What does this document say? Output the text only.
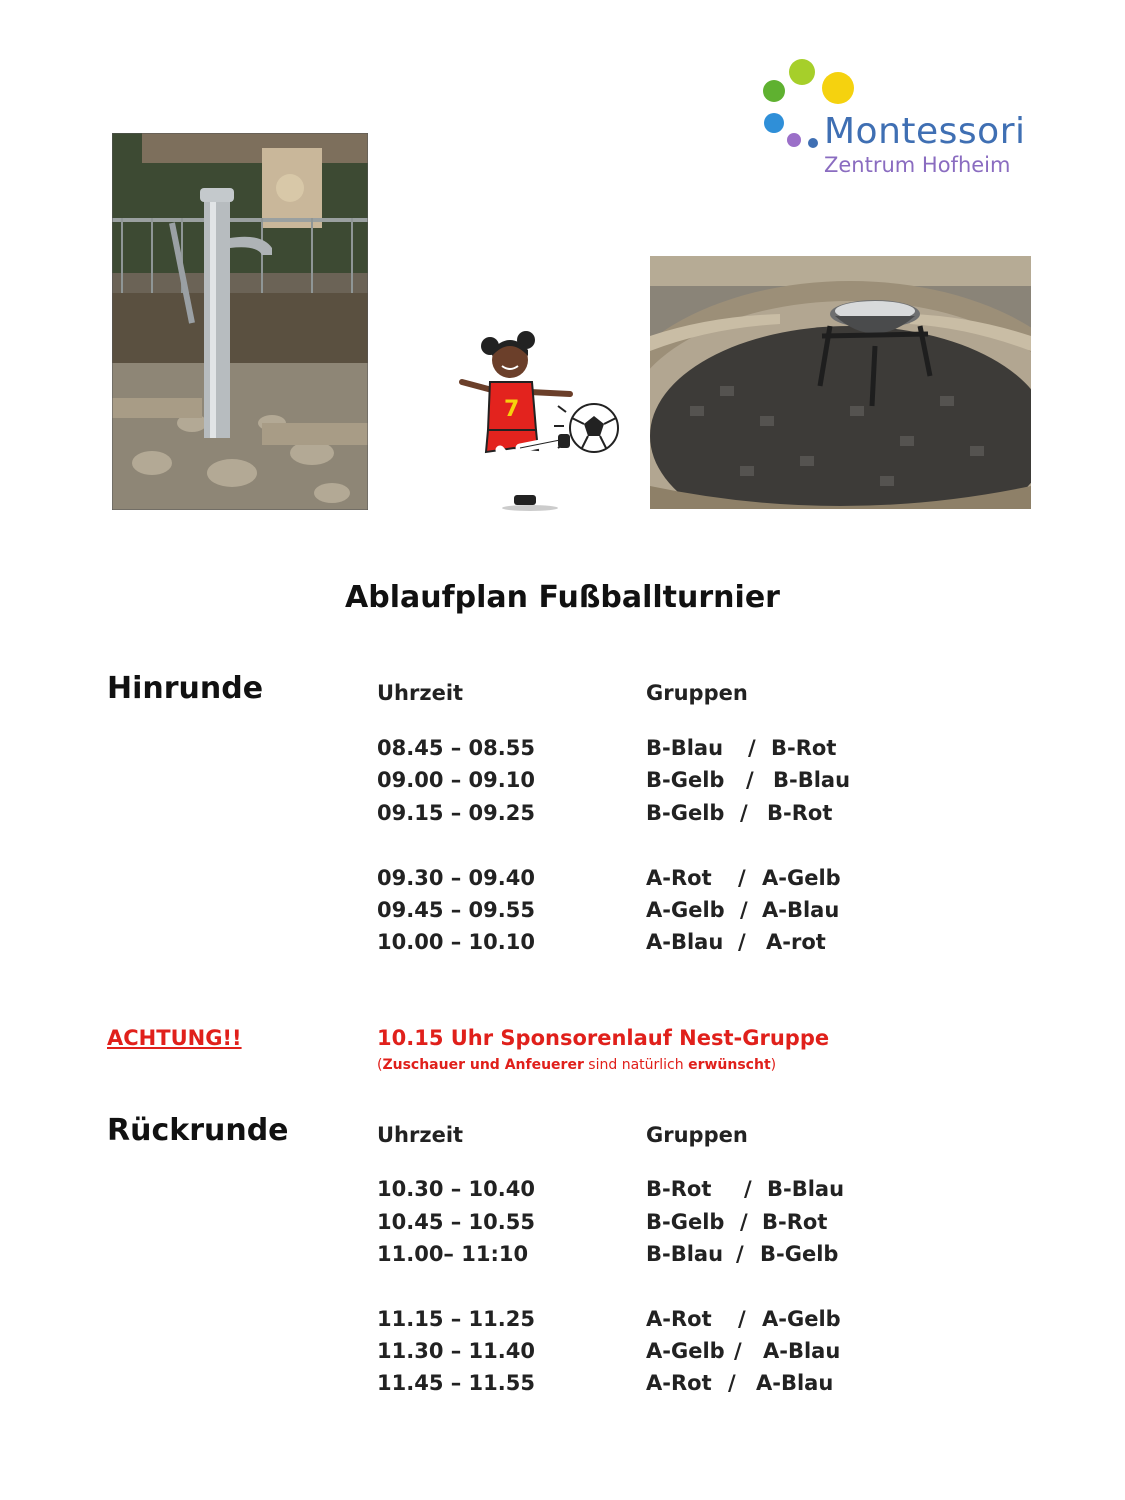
Montessori
Zentrum Hofheim
7
Ablaufplan Fußballturnier
Hinrunde	Uhrzeit	Gruppen
08.45 – 08.55	B-Blau / B-Rot
09.00 – 09.10	B-Gelb / B-Blau
09.15 – 09.25	B-Gelb / B-Rot
09.30 – 09.40	A-Rot / A-Gelb
09.45 – 09.55	A-Gelb / A-Blau
10.00 – 10.10	A-Blau / A-rot
ACHTUNG!!	10.15 Uhr Sponsorenlauf Nest-Gruppe
(Zuschauer und Anfeuerer sind natürlich erwünscht)
Rückrunde	Uhrzeit	Gruppen
10.30 – 10.40	B-Rot / B-Blau
10.45 – 10.55	B-Gelb / B-Rot
11.00– 11:10	B-Blau / B-Gelb
11.15 – 11.25	A-Rot / A-Gelb
11.30 – 11.40	A-Gelb / A-Blau
11.45 – 11.55	A-Rot / A-Blau
